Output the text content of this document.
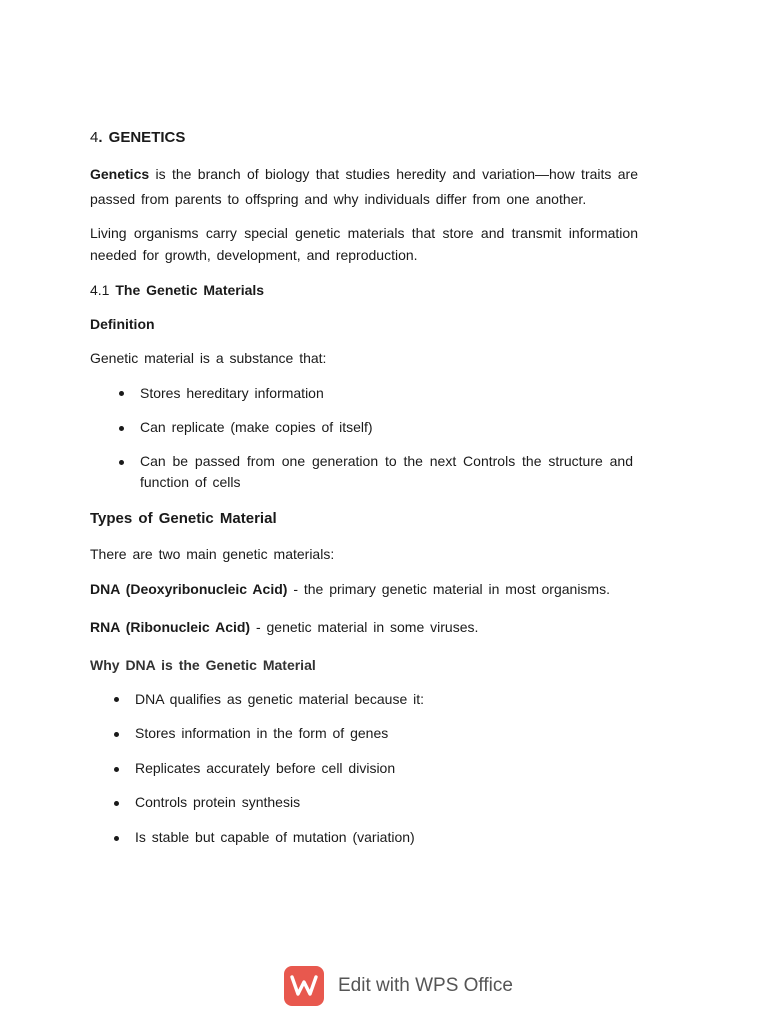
4. GENETICS
Genetics is the branch of biology that studies heredity and variation—how traits are passed from parents to offspring and why individuals differ from one another.
Living organisms carry special genetic materials that store and transmit information needed for growth, development, and reproduction.
4.1 The Genetic Materials
Definition
Genetic material is a substance that:
Stores hereditary information
Can replicate (make copies of itself)
Can be passed from one generation to the next Controls the structure and function of cells
Types of Genetic Material
There are two main genetic materials:
DNA (Deoxyribonucleic Acid) - the primary genetic material in most organisms.
RNA (Ribonucleic Acid) - genetic material in some viruses.
Why DNA is the Genetic Material
DNA qualifies as genetic material because it:
Stores information in the form of genes
Replicates accurately before cell division
Controls protein synthesis
Is stable but capable of mutation (variation)
Edit with WPS Office
